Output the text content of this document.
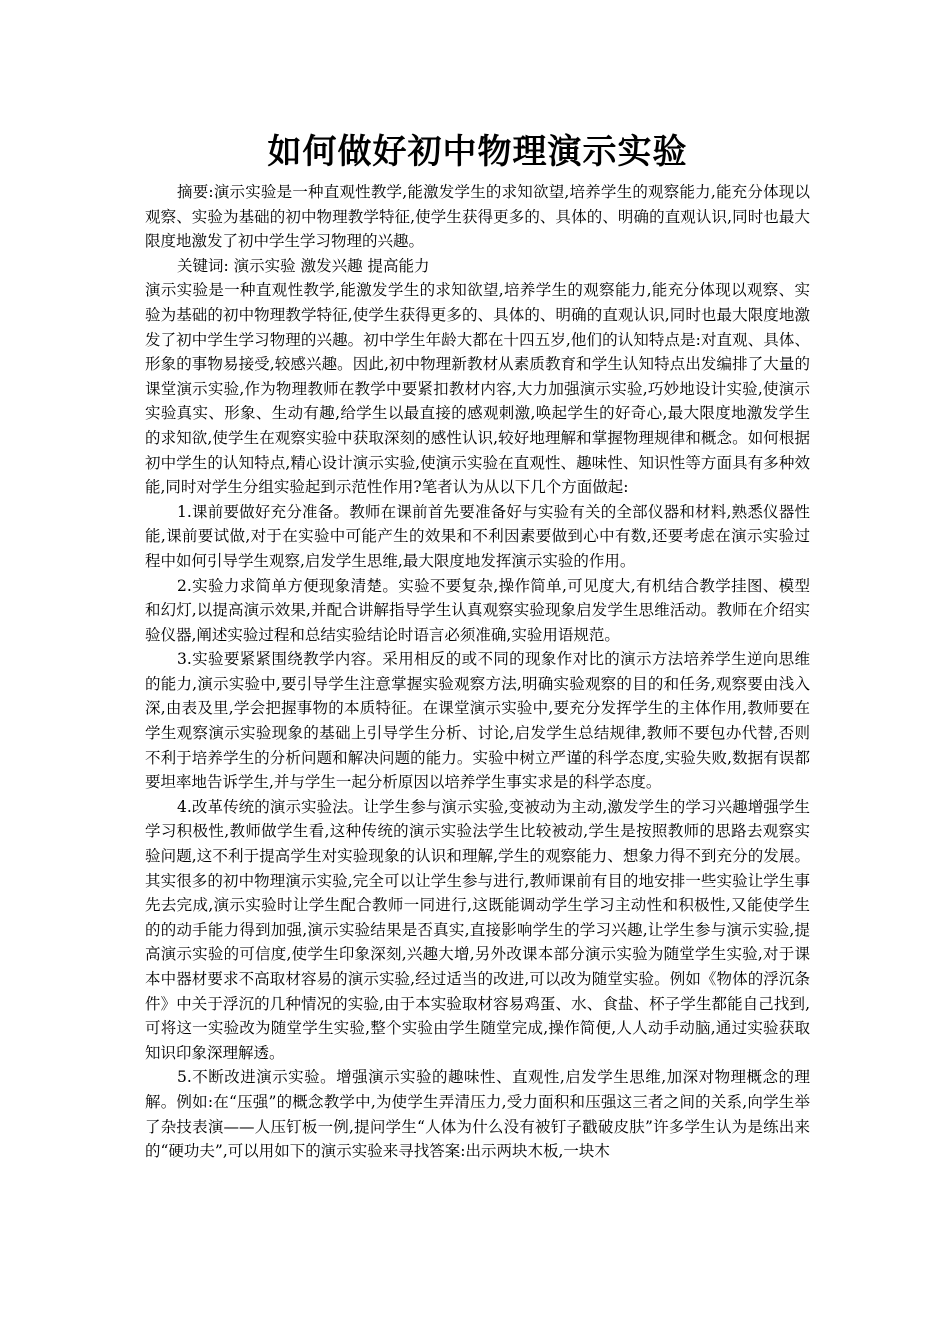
如何做好初中物理演示实验

摘要:演示实验是一种直观性教学,能激发学生的求知欲望,培养学生的观察能力,能充分体现以观察、实验为基础的初中物理教学特征,使学生获得更多的、具体的、明确的直观认识,同时也最大限度地激发了初中学生学习物理的兴趣。

关键词: 演示实验 激发兴趣 提高能力

演示实验是一种直观性教学,能激发学生的求知欲望,培养学生的观察能力,能充分体现以观察、实验为基础的初中物理教学特征,使学生获得更多的、具体的、明确的直观认识,同时也最大限度地激发了初中学生学习物理的兴趣。初中学生年龄大都在十四五岁,他们的认知特点是:对直观、具体、形象的事物易接受,较感兴趣。因此,初中物理新教材从素质教育和学生认知特点出发编排了大量的课堂演示实验,作为物理教师在教学中要紧扣教材内容,大力加强演示实验,巧妙地设计实验,使演示实验真实、形象、生动有趣,给学生以最直接的感观刺激,唤起学生的好奇心,最大限度地激发学生的求知欲,使学生在观察实验中获取深刻的感性认识,较好地理解和掌握物理规律和概念。如何根据初中学生的认知特点,精心设计演示实验,使演示实验在直观性、趣味性、知识性等方面具有多种效能,同时对学生分组实验起到示范性作用?笔者认为从以下几个方面做起:

1.课前要做好充分准备。教师在课前首先要准备好与实验有关的全部仪器和材料,熟悉仪器性能,课前要试做,对于在实验中可能产生的效果和不利因素要做到心中有数,还要考虑在演示实验过程中如何引导学生观察,启发学生思维,最大限度地发挥演示实验的作用。

2.实验力求简单方便现象清楚。实验不要复杂,操作简单,可见度大,有机结合教学挂图、模型和幻灯,以提高演示效果,并配合讲解指导学生认真观察实验现象启发学生思维活动。教师在介绍实验仪器,阐述实验过程和总结实验结论时语言必须准确,实验用语规范。

3.实验要紧紧围绕教学内容。采用相反的或不同的现象作对比的演示方法培养学生逆向思维的能力,演示实验中,要引导学生注意掌握实验观察方法,明确实验观察的目的和任务,观察要由浅入深,由表及里,学会把握事物的本质特征。在课堂演示实验中,要充分发挥学生的主体作用,教师要在学生观察演示实验现象的基础上引导学生分析、讨论,启发学生总结规律,教师不要包办代替,否则不利于培养学生的分析问题和解决问题的能力。实验中树立严谨的科学态度,实验失败,数据有误都要坦率地告诉学生,并与学生一起分析原因以培养学生事实求是的科学态度。

4.改革传统的演示实验法。让学生参与演示实验,变被动为主动,激发学生的学习兴趣增强学生学习积极性,教师做学生看,这种传统的演示实验法学生比较被动,学生是按照教师的思路去观察实验问题,这不利于提高学生对实验现象的认识和理解,学生的观察能力、想象力得不到充分的发展。其实很多的初中物理演示实验,完全可以让学生参与进行,教师课前有目的地安排一些实验让学生事先去完成,演示实验时让学生配合教师一同进行,这既能调动学生学习主动性和积极性,又能使学生的的动手能力得到加强,演示实验结果是否真实,直接影响学生的学习兴趣,让学生参与演示实验,提高演示实验的可信度,使学生印象深刻,兴趣大增,另外改课本部分演示实验为随堂学生实验,对于课本中器材要求不高取材容易的演示实验,经过适当的改进,可以改为随堂实验。例如《物体的浮沉条件》中关于浮沉的几种情况的实验,由于本实验取材容易鸡蛋、水、食盐、杯子学生都能自己找到,可将这一实验改为随堂学生实验,整个实验由学生随堂完成,操作简便,人人动手动脑,通过实验获取知识印象深理解透。

5.不断改进演示实验。增强演示实验的趣味性、直观性,启发学生思维,加深对物理概念的理解。例如:在“压强”的概念教学中,为使学生弄清压力,受力面积和压强这三者之间的关系,向学生举了杂技表演——人压钉板一例,提问学生“人体为什么没有被钉子戳破皮肤”许多学生认为是练出来的“硬功夫”,可以用如下的演示实验来寻找答案:出示两块木板,一块木
